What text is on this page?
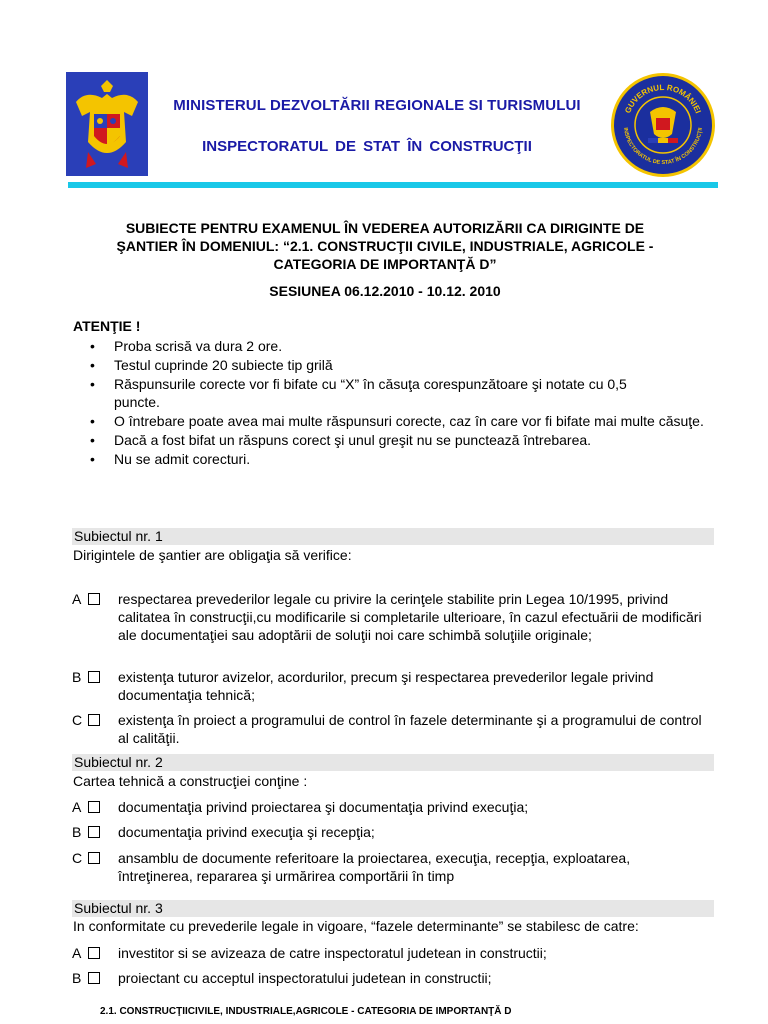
MINISTERUL DEZVOLTĂRII REGIONALE SI TURISMULUI
INSPECTORATUL DE STAT ÎN CONSTRUCŢII
GUVERNUL ROMÂNIEI
INSPECTORATUL DE STAT ÎN CONSTRUCŢII
SUBIECTE PENTRU EXAMENUL ÎN VEDEREA AUTORIZĂRII CA DIRIGINTE DE
ŞANTIER ÎN DOMENIUL: “2.1. CONSTRUCŢII CIVILE, INDUSTRIALE, AGRICOLE -
CATEGORIA DE IMPORTANŢĂ D”
SESIUNEA 06.12.2010 - 10.12. 2010
ATENŢIE !
• Proba scrisă va dura 2 ore.
• Testul cuprinde 20 subiecte tip grilă
• Răspunsurile corecte vor fi bifate cu “X” în căsuţa corespunzătoare şi notate cu 0,5 puncte.
• O întrebare poate avea mai multe răspunsuri corecte, caz în care vor fi bifate mai multe căsuţe.
• Dacă a fost bifat un răspuns corect şi unul greşit nu se punctează întrebarea.
• Nu se admit corecturi.
Subiectul nr. 1
Dirigintele de şantier are obligaţia să verifice:
A	respectarea prevederilor legale cu privire la cerinţele stabilite prin Legea 10/1995, privind calitatea în construcţii,cu modificarile si completarile ulterioare, în cazul efectuării de modificări ale documentaţiei sau adoptării de soluţii noi care schimbă soluţiile originale;
B	existenţa tuturor avizelor, acordurilor, precum şi respectarea prevederilor legale privind documentaţia tehnică;
C	existenţa în proiect a programului de control în fazele determinante şi a programului de control al calităţii.
Subiectul nr. 2
Cartea tehnică a construcţiei conţine :
A	documentaţia privind proiectarea şi documentaţia privind execuţia;
B	documentaţia privind execuţia şi recepţia;
C	ansamblu de documente referitoare la proiectarea, execuţia, recepţia, exploatarea, întreţinerea, repararea şi urmărirea comportării în timp
Subiectul nr. 3
In conformitate cu prevederile legale in vigoare, “fazele determinante” se stabilesc de catre:
A	investitor si se avizeaza de catre inspectoratul judetean in constructii;
B	proiectant cu acceptul inspectoratului judetean in constructii;
2.1. CONSTRUCŢIICIVILE, INDUSTRIALE,AGRICOLE - CATEGORIA DE IMPORTANŢĂ D
